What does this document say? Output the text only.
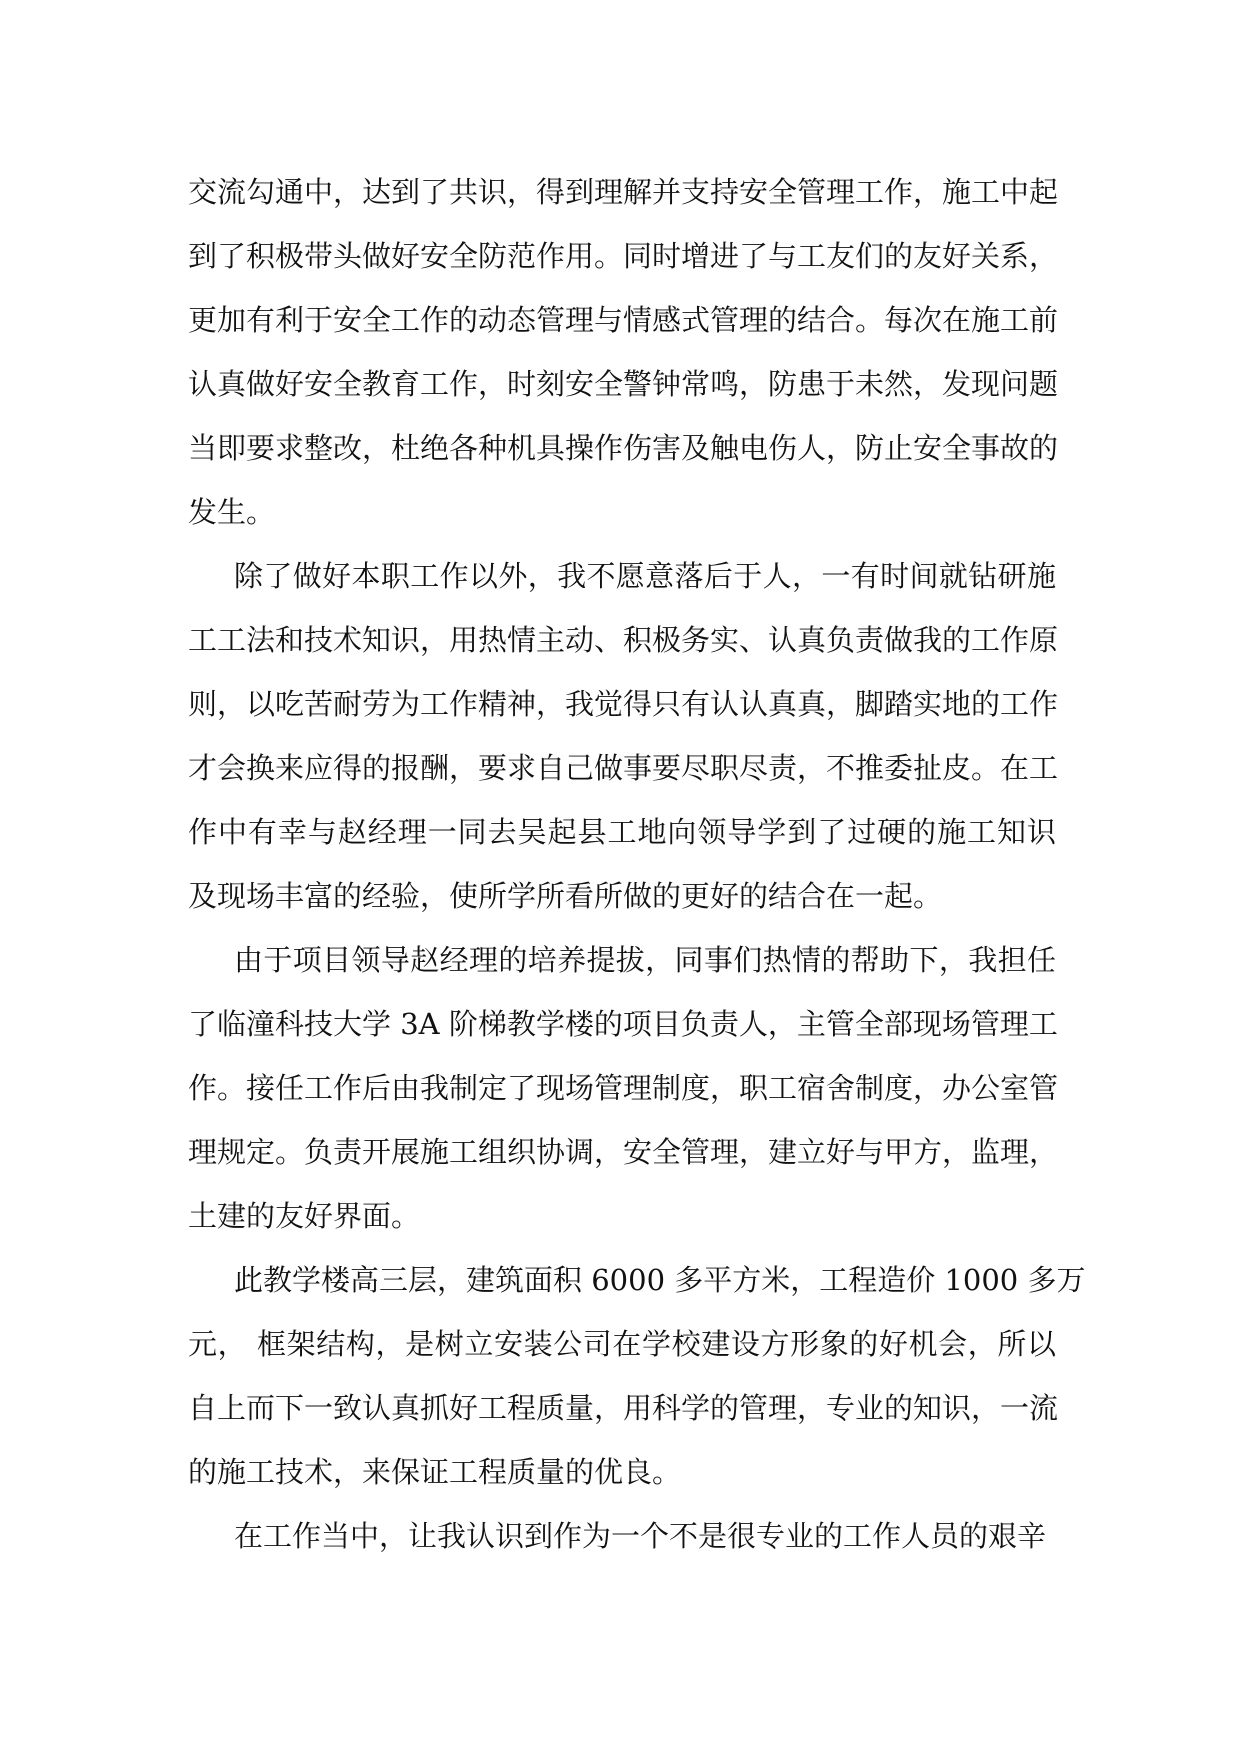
交流勾通中，达到了共识，得到理解并支持安全管理工作，施工中起
到了积极带头做好安全防范作用。同时增进了与工友们的友好关系，
更加有利于安全工作的动态管理与情感式管理的结合。每次在施工前
认真做好安全教育工作，时刻安全警钟常鸣，防患于未然，发现问题
当即要求整改，杜绝各种机具操作伤害及触电伤人，防止安全事故的
发生。
除了做好本职工作以外，我不愿意落后于人，一有时间就钻研施
工工法和技术知识，用热情主动、积极务实、认真负责做我的工作原
则，以吃苦耐劳为工作精神，我觉得只有认认真真，脚踏实地的工作
才会换来应得的报酬，要求自己做事要尽职尽责，不推委扯皮。在工
作中有幸与赵经理一同去吴起县工地向领导学到了过硬的施工知识
及现场丰富的经验，使所学所看所做的更好的结合在一起。
由于项目领导赵经理的培养提拔，同事们热情的帮助下，我担任
了临潼科技大学 3A 阶梯教学楼的项目负责人，主管全部现场管理工
作。接任工作后由我制定了现场管理制度，职工宿舍制度，办公室管
理规定。负责开展施工组织协调，安全管理，建立好与甲方，监理，
土建的友好界面。
此教学楼高三层，建筑面积 6000 多平方米，工程造价 1000 多万
元， 框架结构，是树立安装公司在学校建设方形象的好机会，所以
自上而下一致认真抓好工程质量，用科学的管理，专业的知识，一流
的施工技术，来保证工程质量的优良。
在工作当中，让我认识到作为一个不是很专业的工作人员的艰辛
